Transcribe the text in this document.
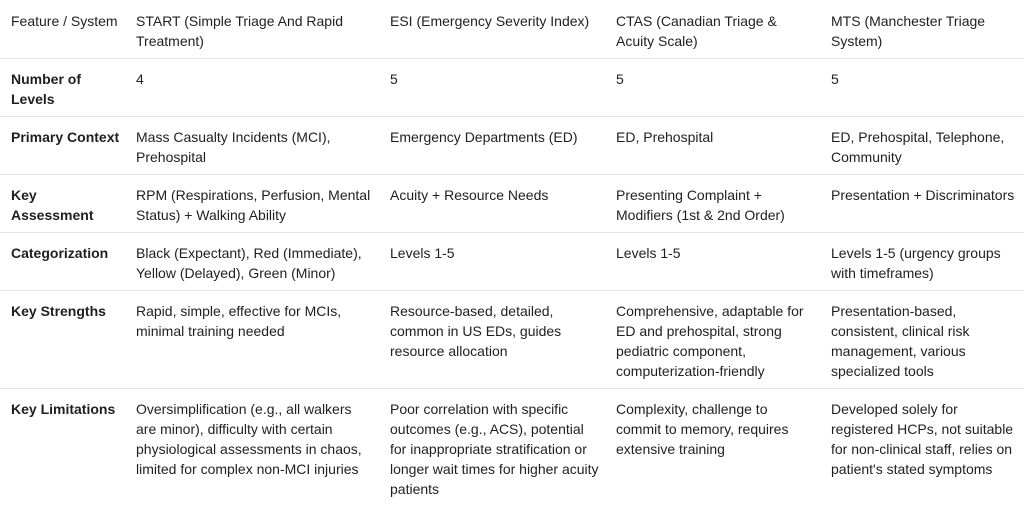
Feature / System	START (Simple Triage And Rapid Treatment)	ESI (Emergency Severity Index)	CTAS (Canadian Triage & Acuity Scale)	MTS (Manchester Triage System)
Number of Levels	4	5	5	5
Primary Context	Mass Casualty Incidents (MCI), Prehospital	Emergency Departments (ED)	ED, Prehospital	ED, Prehospital, Telephone, Community
Key Assessment	RPM (Respirations, Perfusion, Mental Status) + Walking Ability	Acuity + Resource Needs	Presenting Complaint + Modifiers (1st & 2nd Order)	Presentation + Discriminators
Categorization	Black (Expectant), Red (Immediate), Yellow (Delayed), Green (Minor)	Levels 1-5	Levels 1-5	Levels 1-5 (urgency groups with timeframes)
Key Strengths	Rapid, simple, effective for MCIs, minimal training needed	Resource-based, detailed, common in US EDs, guides resource allocation	Comprehensive, adaptable for ED and prehospital, strong pediatric component, computerization-friendly	Presentation-based, consistent, clinical risk management, various specialized tools
Key Limitations	Oversimplification (e.g., all walkers are minor), difficulty with certain physiological assessments in chaos, limited for complex non-MCI injuries	Poor correlation with specific outcomes (e.g., ACS), potential for inappropriate stratification or longer wait times for higher acuity patients	Complexity, challenge to commit to memory, requires extensive training	Developed solely for registered HCPs, not suitable for non-clinical staff, relies on patient's stated symptoms
